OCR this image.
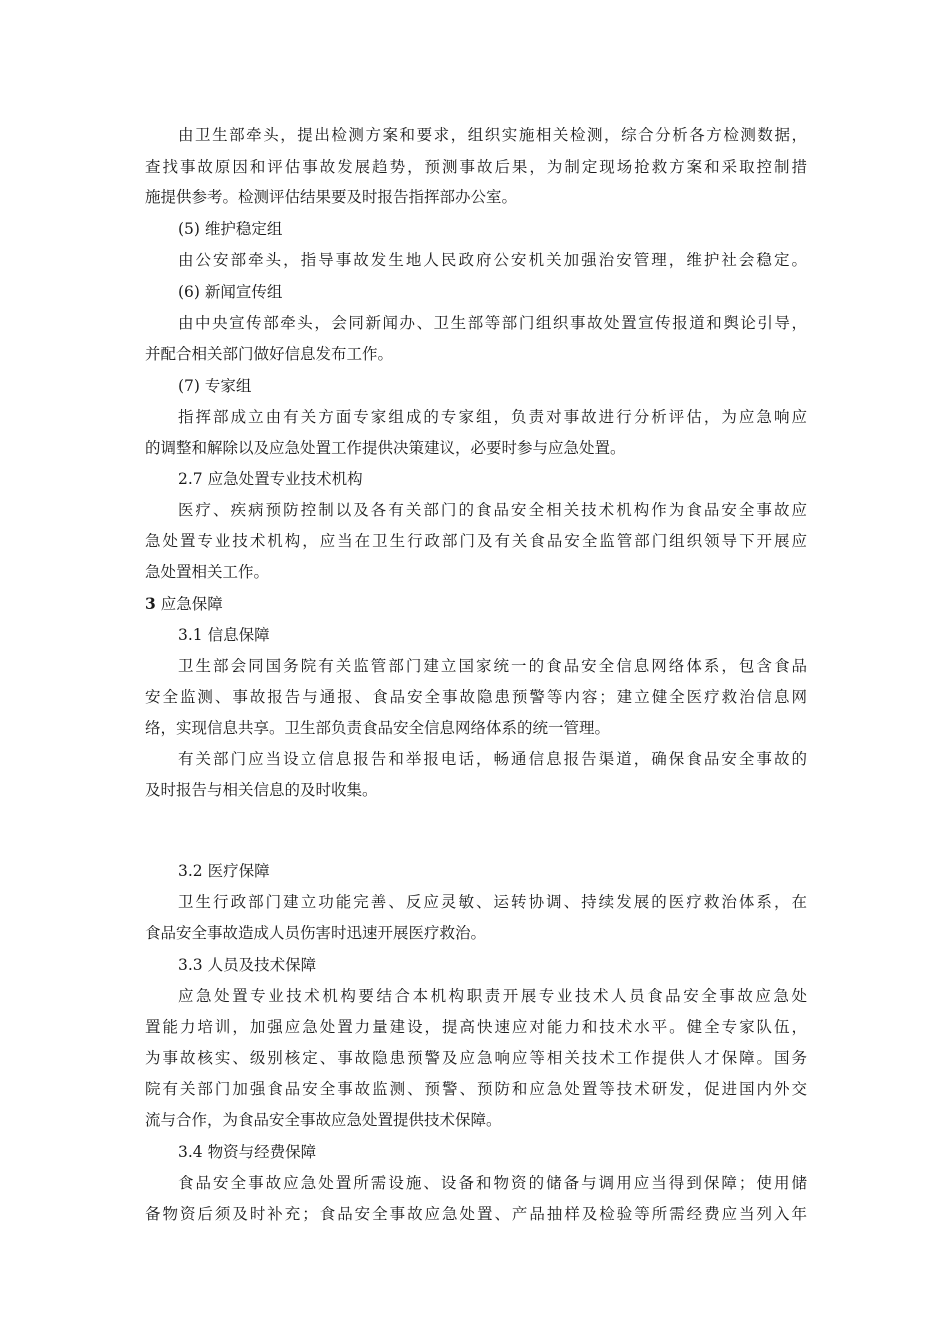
由卫生部牵头，提出检测方案和要求，组织实施相关检测，综合分析各方检测数据，
查找事故原因和评估事故发展趋势，预测事故后果，为制定现场抢救方案和采取控制措
施提供参考。检测评估结果要及时报告指挥部办公室。
(5) 维护稳定组
由公安部牵头，指导事故发生地人民政府公安机关加强治安管理，维护社会稳定。
(6) 新闻宣传组
由中央宣传部牵头，会同新闻办、卫生部等部门组织事故处置宣传报道和舆论引导，
并配合相关部门做好信息发布工作。
(7) 专家组
指挥部成立由有关方面专家组成的专家组，负责对事故进行分析评估，为应急响应
的调整和解除以及应急处置工作提供决策建议，必要时参与应急处置。
2.7 应急处置专业技术机构
医疗、疾病预防控制以及各有关部门的食品安全相关技术机构作为食品安全事故应
急处置专业技术机构，应当在卫生行政部门及有关食品安全监管部门组织领导下开展应
急处置相关工作。
3 应急保障
3.1 信息保障
卫生部会同国务院有关监管部门建立国家统一的食品安全信息网络体系，包含食品
安全监测、事故报告与通报、食品安全事故隐患预警等内容；建立健全医疗救治信息网
络，实现信息共享。卫生部负责食品安全信息网络体系的统一管理。
有关部门应当设立信息报告和举报电话，畅通信息报告渠道，确保食品安全事故的
及时报告与相关信息的及时收集。
3.2 医疗保障
卫生行政部门建立功能完善、反应灵敏、运转协调、持续发展的医疗救治体系，在
食品安全事故造成人员伤害时迅速开展医疗救治。
3.3 人员及技术保障
应急处置专业技术机构要结合本机构职责开展专业技术人员食品安全事故应急处
置能力培训，加强应急处置力量建设，提高快速应对能力和技术水平。健全专家队伍，
为事故核实、级别核定、事故隐患预警及应急响应等相关技术工作提供人才保障。国务
院有关部门加强食品安全事故监测、预警、预防和应急处置等技术研发，促进国内外交
流与合作，为食品安全事故应急处置提供技术保障。
3.4 物资与经费保障
食品安全事故应急处置所需设施、设备和物资的储备与调用应当得到保障；使用储
备物资后须及时补充；食品安全事故应急处置、产品抽样及检验等所需经费应当列入年
